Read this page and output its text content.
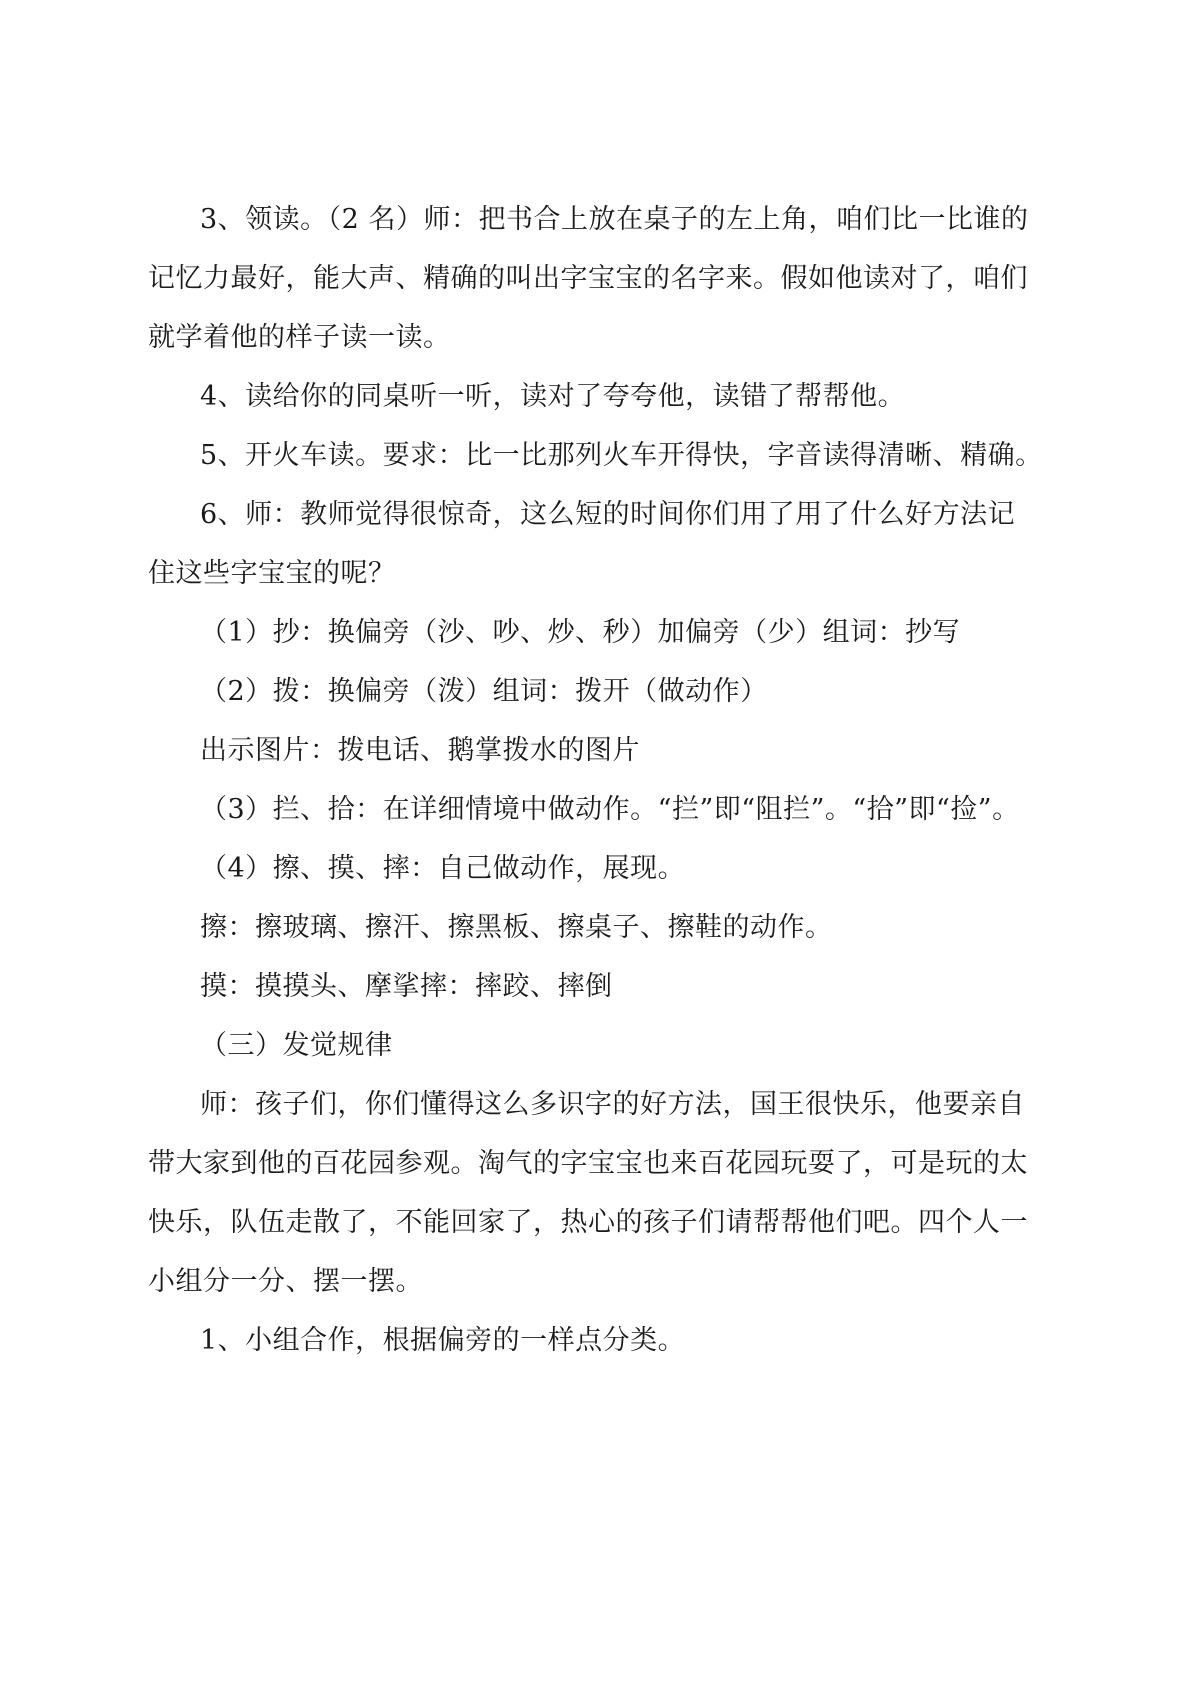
3、领读。（2 名）师：把书合上放在桌子的左上角，咱们比一比谁的
记忆力最好，能大声、精确的叫出字宝宝的名字来。假如他读对了，咱们
就学着他的样子读一读。
4、读给你的同桌听一听，读对了夸夸他，读错了帮帮他。
5、开火车读。要求：比一比那列火车开得快，字音读得清晰、精确。
6、师：教师觉得很惊奇，这么短的时间你们用了用了什么好方法记
住这些字宝宝的呢？
（1）抄：换偏旁（沙、吵、炒、秒）加偏旁（少）组词：抄写
（2）拨：换偏旁（泼）组词：拨开（做动作）
出示图片：拨电话、鹅掌拨水的图片
（3）拦、拾：在详细情境中做动作。“拦”即“阻拦”。“拾”即“捡”。
（4）擦、摸、摔：自己做动作，展现。
擦：擦玻璃、擦汗、擦黑板、擦桌子、擦鞋的动作。
摸：摸摸头、摩挲摔：摔跤、摔倒
（三）发觉规律
师：孩子们，你们懂得这么多识字的好方法，国王很快乐，他要亲自
带大家到他的百花园参观。淘气的字宝宝也来百花园玩耍了，可是玩的太
快乐，队伍走散了，不能回家了，热心的孩子们请帮帮他们吧。四个人一
小组分一分、摆一摆。
1、小组合作，根据偏旁的一样点分类。
